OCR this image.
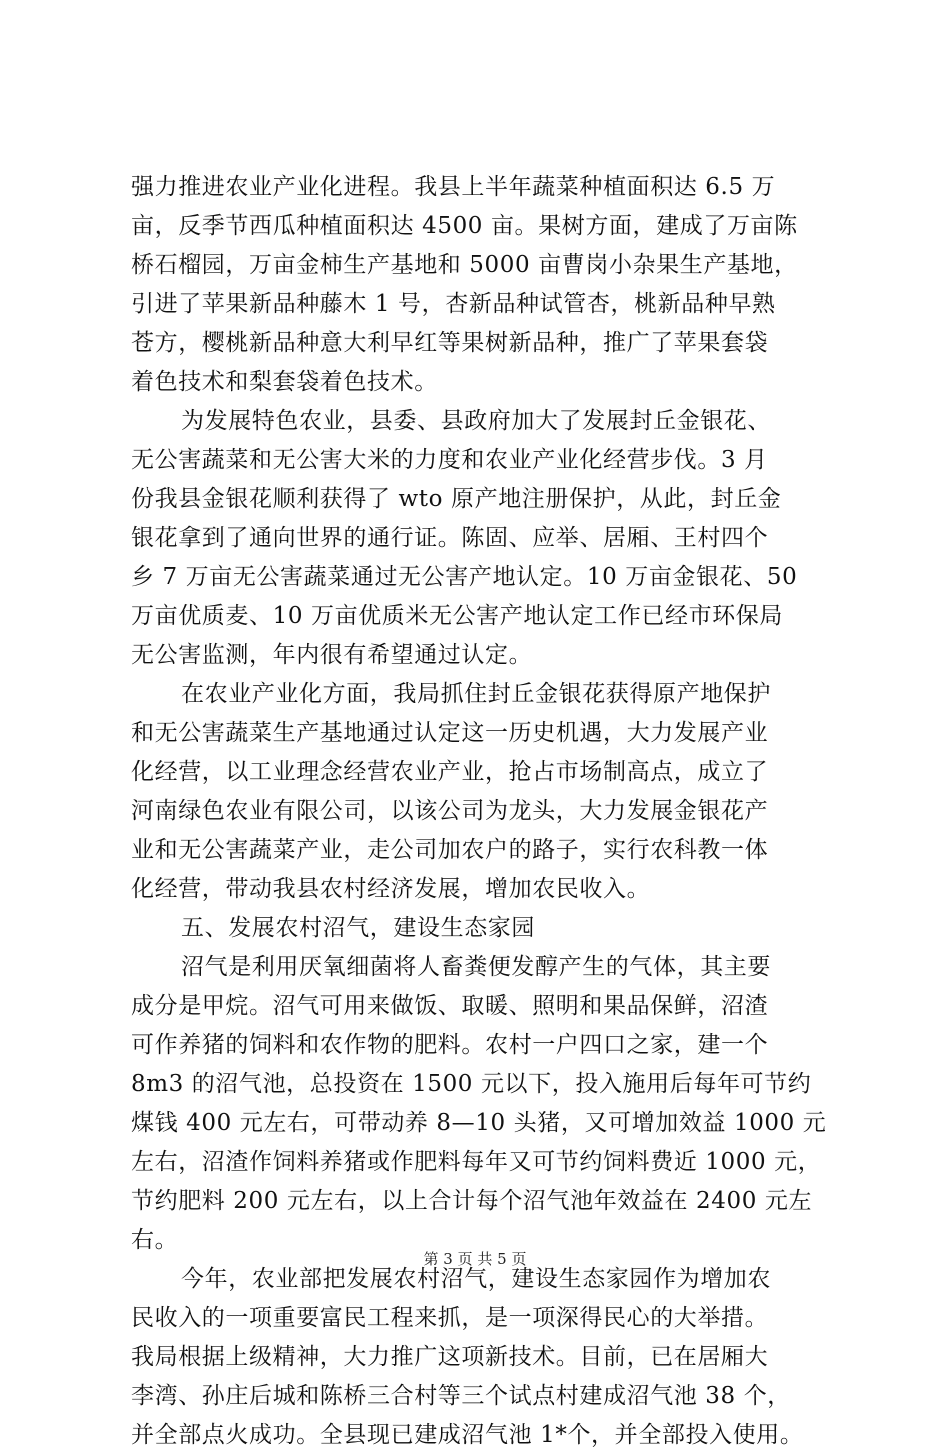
强力推进农业产业化进程。我县上半年蔬菜种植面积达 6.5 万
亩，反季节西瓜种植面积达 4500 亩。果树方面，建成了万亩陈
桥石榴园，万亩金柿生产基地和 5000 亩曹岗小杂果生产基地，
引进了苹果新品种藤木 1 号，杏新品种试管杏，桃新品种早熟
苍方，樱桃新品种意大利早红等果树新品种，推广了苹果套袋
着色技术和梨套袋着色技术。
为发展特色农业，县委、县政府加大了发展封丘金银花、
无公害蔬菜和无公害大米的力度和农业产业化经营步伐。3 月
份我县金银花顺利获得了 wto 原产地注册保护，从此，封丘金
银花拿到了通向世界的通行证。陈固、应举、居厢、王村四个
乡 7 万亩无公害蔬菜通过无公害产地认定。10 万亩金银花、50
万亩优质麦、10 万亩优质米无公害产地认定工作已经市环保局
无公害监测，年内很有希望通过认定。
在农业产业化方面，我局抓住封丘金银花获得原产地保护
和无公害蔬菜生产基地通过认定这一历史机遇，大力发展产业
化经营，以工业理念经营农业产业，抢占市场制高点，成立了
河南绿色农业有限公司，以该公司为龙头，大力发展金银花产
业和无公害蔬菜产业，走公司加农户的路子，实行农科教一体
化经营，带动我县农村经济发展，增加农民收入。
五、发展农村沼气，建设生态家园
沼气是利用厌氧细菌将人畜粪便发醇产生的气体，其主要
成分是甲烷。沼气可用来做饭、取暖、照明和果品保鲜，沼渣
可作养猪的饲料和农作物的肥料。农村一户四口之家，建一个
8m3 的沼气池，总投资在 1500 元以下，投入施用后每年可节约
煤钱 400 元左右，可带动养 8—10 头猪，又可增加效益 1000 元
左右，沼渣作饲料养猪或作肥料每年又可节约饲料费近 1000 元，
节约肥料 200 元左右，以上合计每个沼气池年效益在 2400 元左
右。
今年，农业部把发展农村沼气，建设生态家园作为增加农
民收入的一项重要富民工程来抓，是一项深得民心的大举措。
我局根据上级精神，大力推广这项新技术。目前，已在居厢大
李湾、孙庄后城和陈桥三合村等三个试点村建成沼气池 38 个，
并全部点火成功。全县现已建成沼气池 1*个，并全部投入使用。
第 3 页 共 5 页
